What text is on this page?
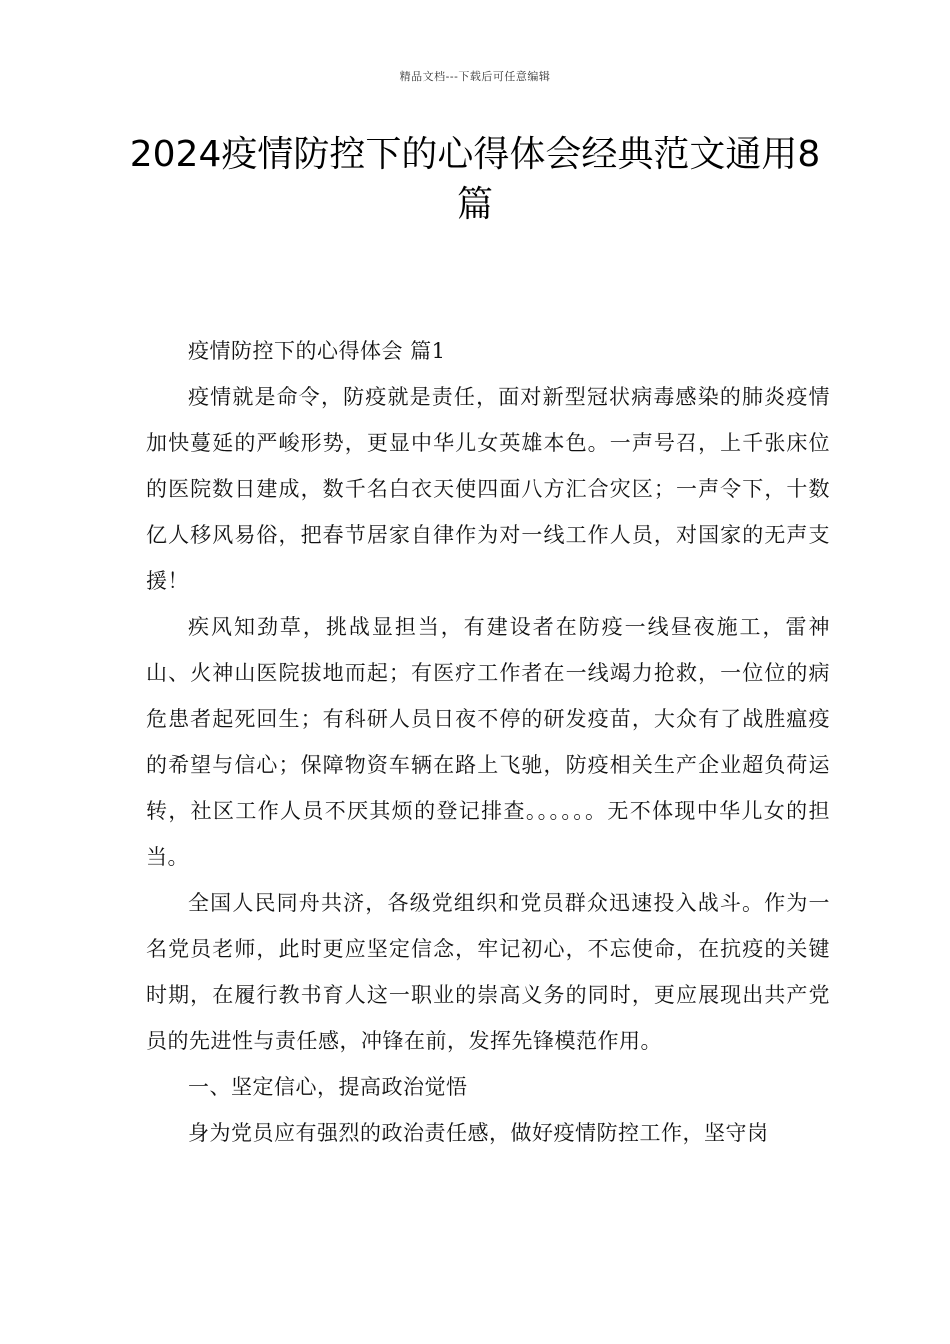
精品文档---下载后可任意编辑
2024疫情防控下的心得体会经典范文通用8篇

疫情防控下的心得体会 篇1

疫情就是命令，防疫就是责任，面对新型冠状病毒感染的肺炎疫情加快蔓延的严峻形势，更显中华儿女英雄本色。一声号召，上千张床位的医院数日建成，数千名白衣天使四面八方汇合灾区；一声令下，十数亿人移风易俗，把春节居家自律作为对一线工作人员，对国家的无声支援！

疾风知劲草，挑战显担当，有建设者在防疫一线昼夜施工，雷神山、火神山医院拔地而起；有医疗工作者在一线竭力抢救，一位位的病危患者起死回生；有科研人员日夜不停的研发疫苗，大众有了战胜瘟疫的希望与信心；保障物资车辆在路上飞驰，防疫相关生产企业超负荷运转，社区工作人员不厌其烦的登记排查。。。。。。无不体现中华儿女的担当。

全国人民同舟共济，各级党组织和党员群众迅速投入战斗。作为一名党员老师，此时更应坚定信念，牢记初心，不忘使命，在抗疫的关键时期，在履行教书育人这一职业的崇高义务的同时，更应展现出共产党员的先进性与责任感，冲锋在前，发挥先锋模范作用。

一、坚定信心，提高政治觉悟

身为党员应有强烈的政治责任感，做好疫情防控工作，坚守岗
